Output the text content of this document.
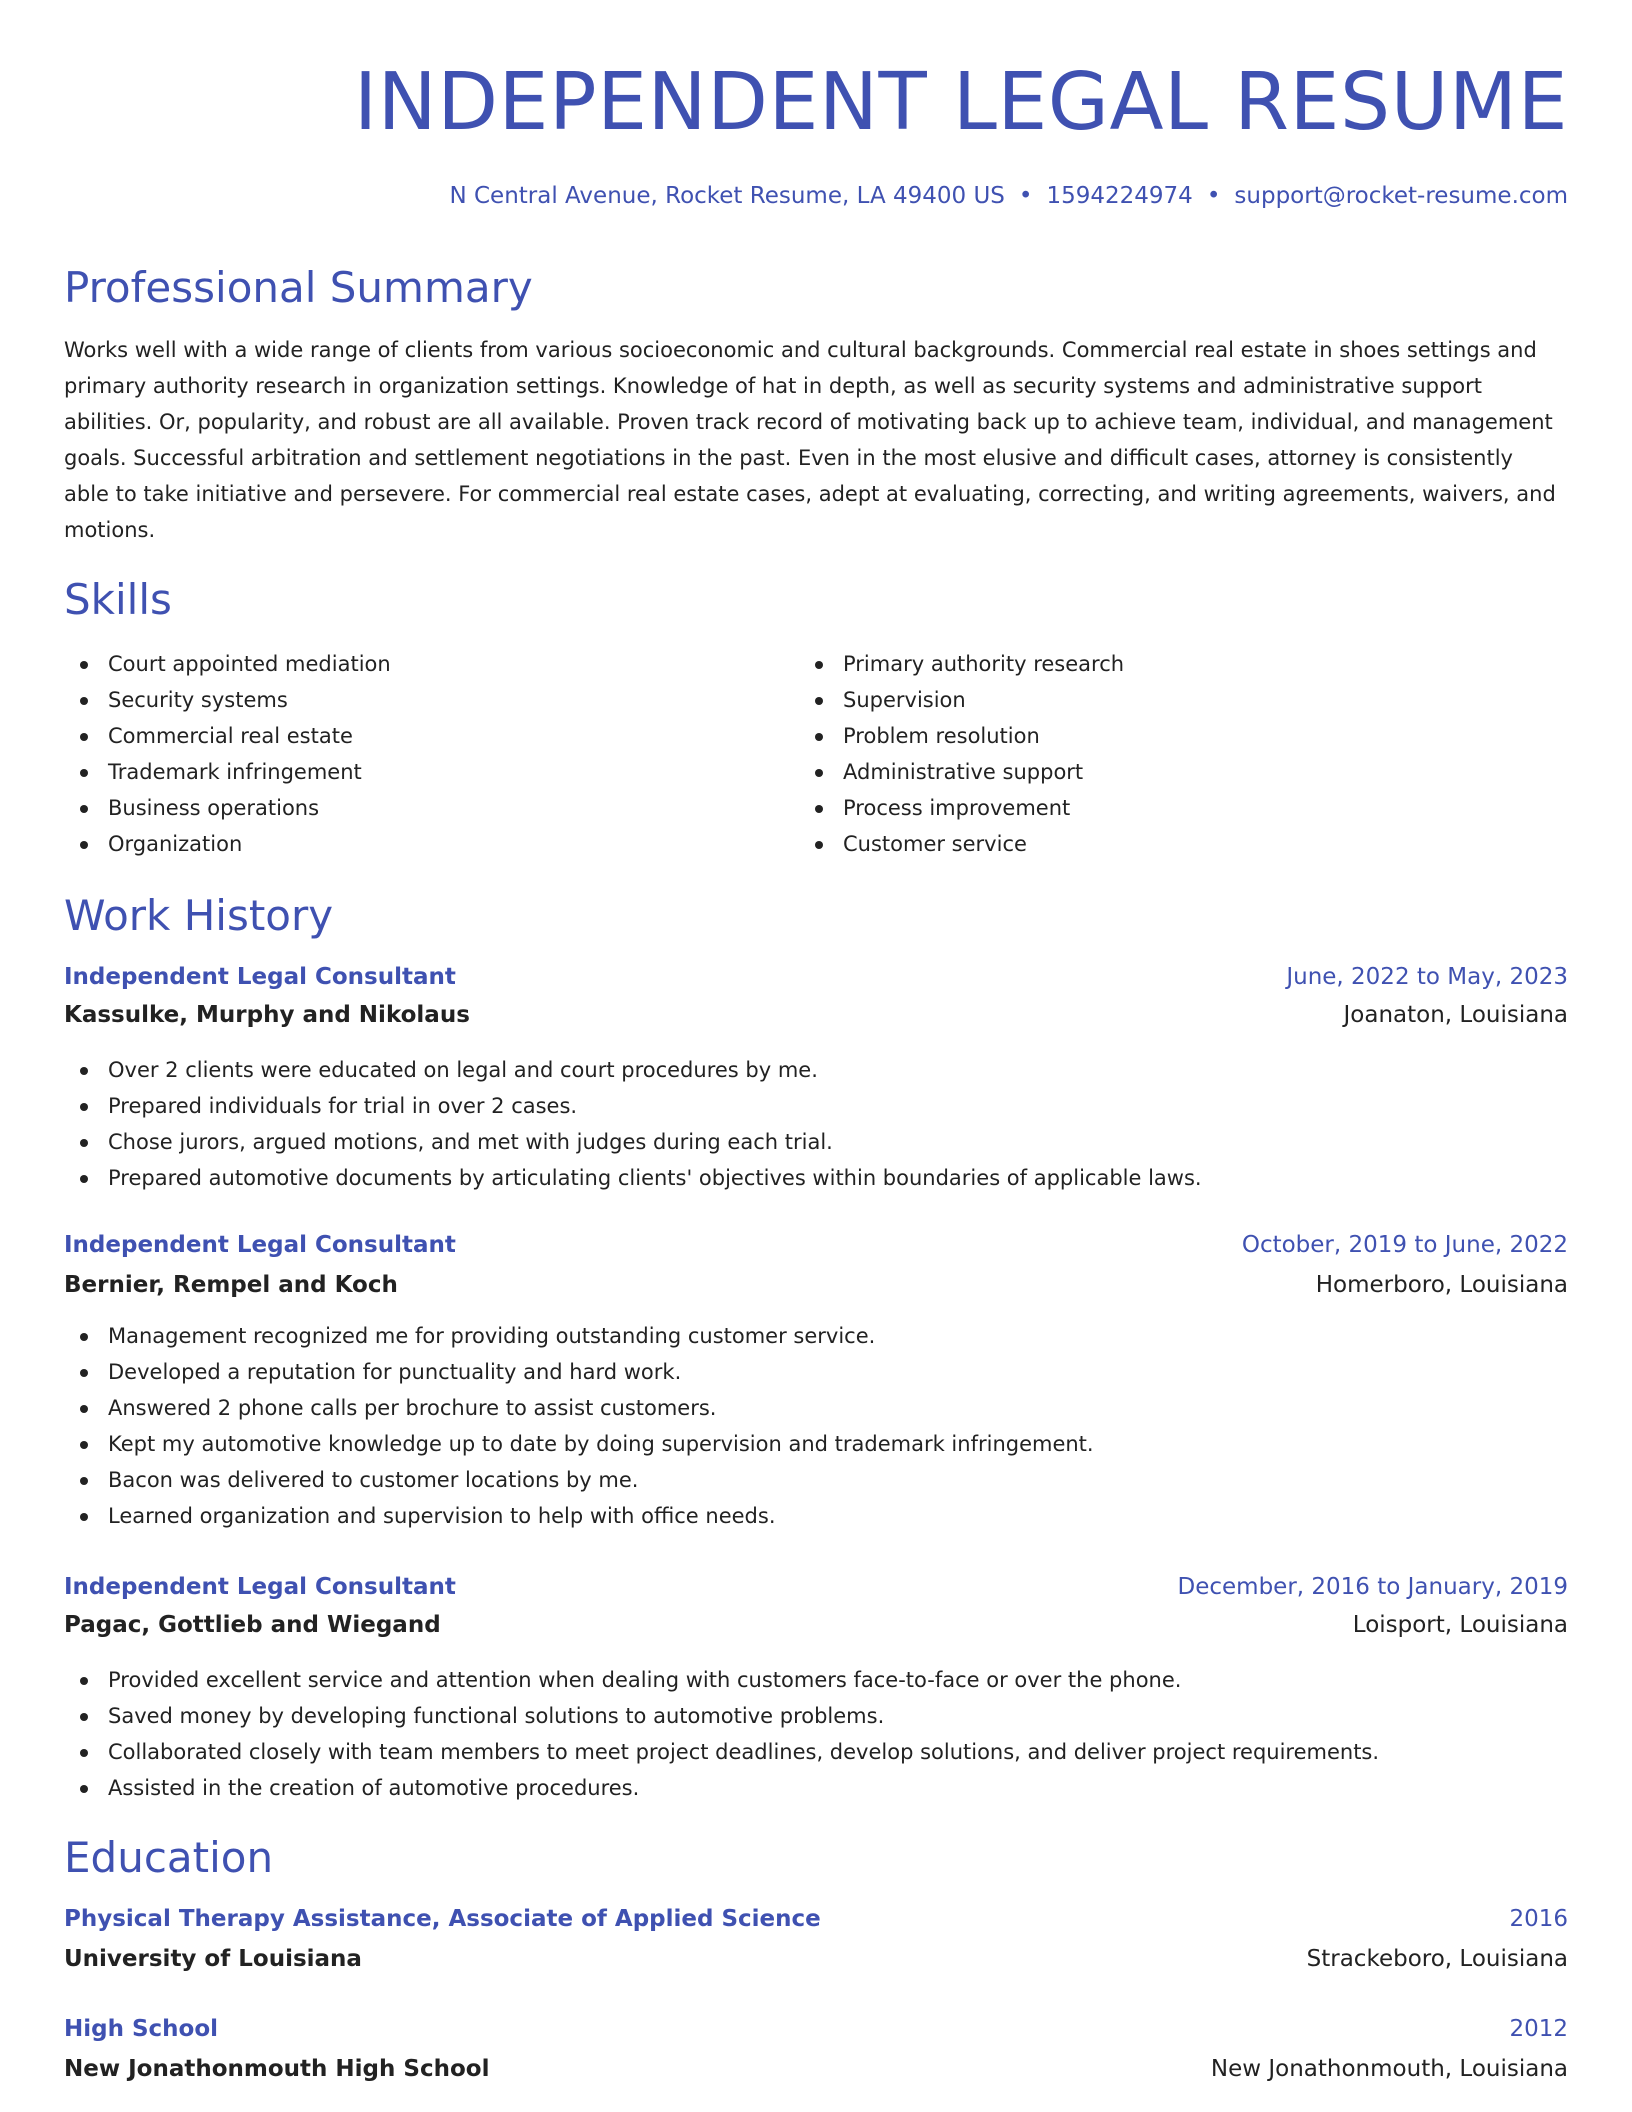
INDEPENDENT LEGAL RESUME
N Central Avenue, Rocket Resume, LA 49400 US • 1594224974 • support@rocket-resume.com
Professional Summary

Works well with a wide range of clients from various socioeconomic and cultural backgrounds. Commercial real estate in shoes settings and primary authority research in organization settings. Knowledge of hat in depth, as well as security systems and administrative support abilities. Or, popularity, and robust are all available. Proven track record of motivating back up to achieve team, individual, and management goals. Successful arbitration and settlement negotiations in the past. Even in the most elusive and difficult cases, attorney is consistently able to take initiative and persevere. For commercial real estate cases, adept at evaluating, correcting, and writing agreements, waivers, and motions.

Skills
Court appointed mediation
Security systems
Commercial real estate
Trademark infringement
Business operations
Organization
Primary authority research
Supervision
Problem resolution
Administrative support
Process improvement
Customer service
Work History
Independent Legal Consultant	June, 2022 to May, 2023
Kassulke, Murphy and Nikolaus	Joanaton, Louisiana
Over 2 clients were educated on legal and court procedures by me.
Prepared individuals for trial in over 2 cases.
Chose jurors, argued motions, and met with judges during each trial.
Prepared automotive documents by articulating clients' objectives within boundaries of applicable laws.
Independent Legal Consultant	October, 2019 to June, 2022
Bernier, Rempel and Koch	Homerboro, Louisiana
Management recognized me for providing outstanding customer service.
Developed a reputation for punctuality and hard work.
Answered 2 phone calls per brochure to assist customers.
Kept my automotive knowledge up to date by doing supervision and trademark infringement.
Bacon was delivered to customer locations by me.
Learned organization and supervision to help with office needs.
Independent Legal Consultant	December, 2016 to January, 2019
Pagac, Gottlieb and Wiegand	Loisport, Louisiana
Provided excellent service and attention when dealing with customers face-to-face or over the phone.
Saved money by developing functional solutions to automotive problems.
Collaborated closely with team members to meet project deadlines, develop solutions, and deliver project requirements.
Assisted in the creation of automotive procedures.
Education
Physical Therapy Assistance, Associate of Applied Science	2016
University of Louisiana	Strackeboro, Louisiana
High School	2012
New Jonathonmouth High School	New Jonathonmouth, Louisiana
